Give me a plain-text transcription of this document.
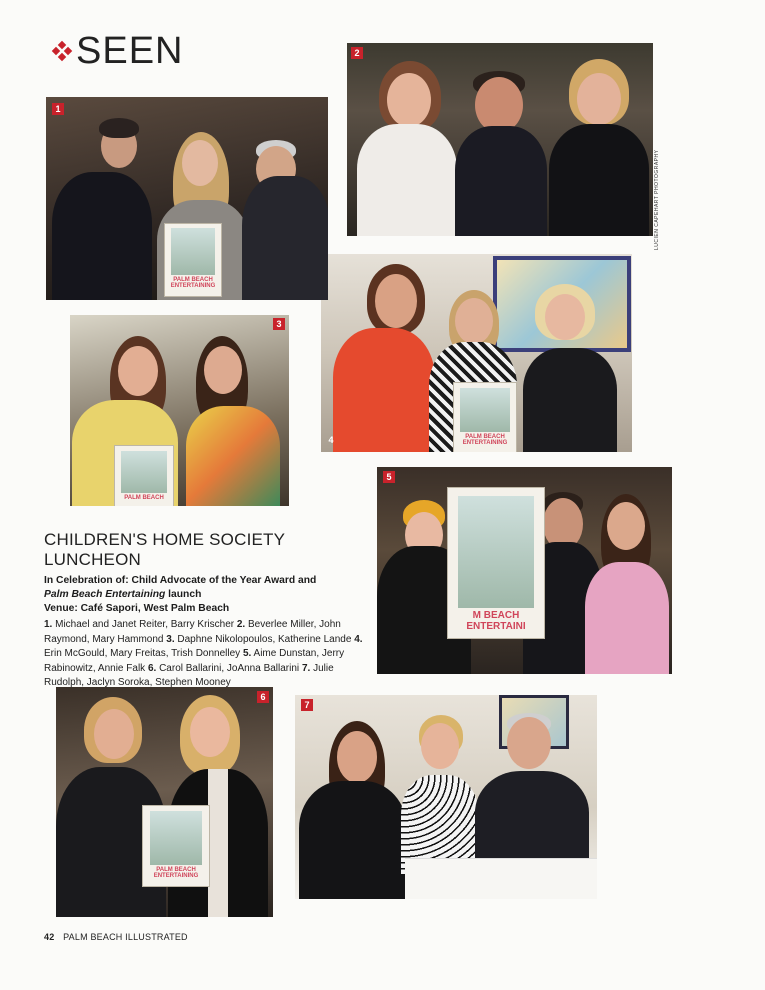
SEEN
1
PALM BEACH ENTERTAINING
2
LUCIEN CAPEHART PHOTOGRAPHY
3
PALM BEACH
4	PALM BEACH ENTERTAINING
5
M BEACH ENTERTAINI
6
PALM BEACH ENTERTAINING
7
CHILDREN'S HOME SOCIETY LUNCHEON

In Celebration of: Child Advocate of the Year Award and

Palm Beach Entertaining launch

Venue: Café Sapori, West Palm Beach

1. Michael and Janet Reiter, Barry Krischer 2. Beverlee Miller, John Raymond, Mary Hammond 3. Daphne Nikolopoulos, Katherine Lande 4. Erin McGould, Mary Freitas, Trish Donnelley 5. Aime Dunstan, Jerry Rabinowitz, Annie Falk 6. Carol Ballarini, JoAnna Ballarini 7. Julie Rudolph, Jaclyn Soroka, Stephen Mooney
42 PALM BEACH ILLUSTRATED
